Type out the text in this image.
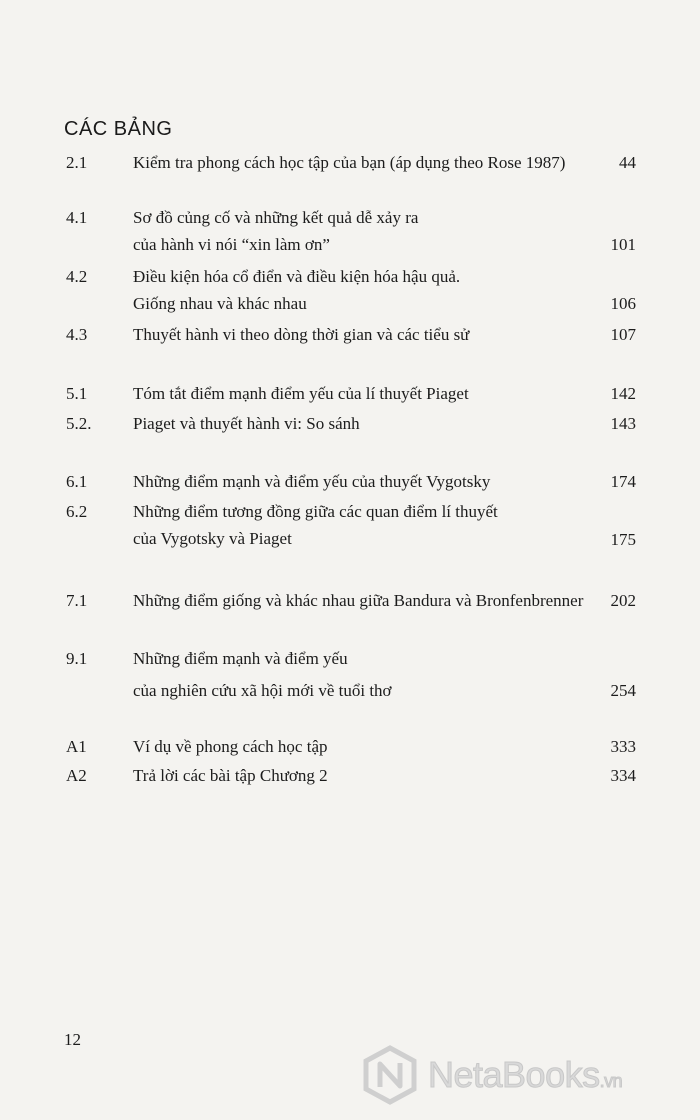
CÁC BẢNG
2.1	Kiểm tra phong cách học tập của bạn (áp dụng theo Rose 1987)	44
4.1	Sơ đồ củng cố và những kết quả dễ xảy ra
của hành vi nói “xin làm ơn”	101
4.2	Điều kiện hóa cổ điển và điều kiện hóa hậu quả.
Giống nhau và khác nhau	106
4.3	Thuyết hành vi theo dòng thời gian và các tiểu sử	107
5.1	Tóm tắt điểm mạnh điểm yếu của lí thuyết Piaget	142
5.2. Piaget và thuyết hành vi: So sánh	143
6.1	Những điểm mạnh và điểm yếu của thuyết Vygotsky	174
6.2	Những điểm tương đồng giữa các quan điểm lí thuyết
của Vygotsky và Piaget	175
7.1	Những điểm giống và khác nhau giữa Bandura và Bronfenbrenner 202
9.1	Những điểm mạnh và điểm yếu
của nghiên cứu xã hội mới về tuổi thơ	254
A1	Ví dụ về phong cách học tập	333
A2	Trả lời các bài tập Chương 2	334
12
NetaBooks.vn
